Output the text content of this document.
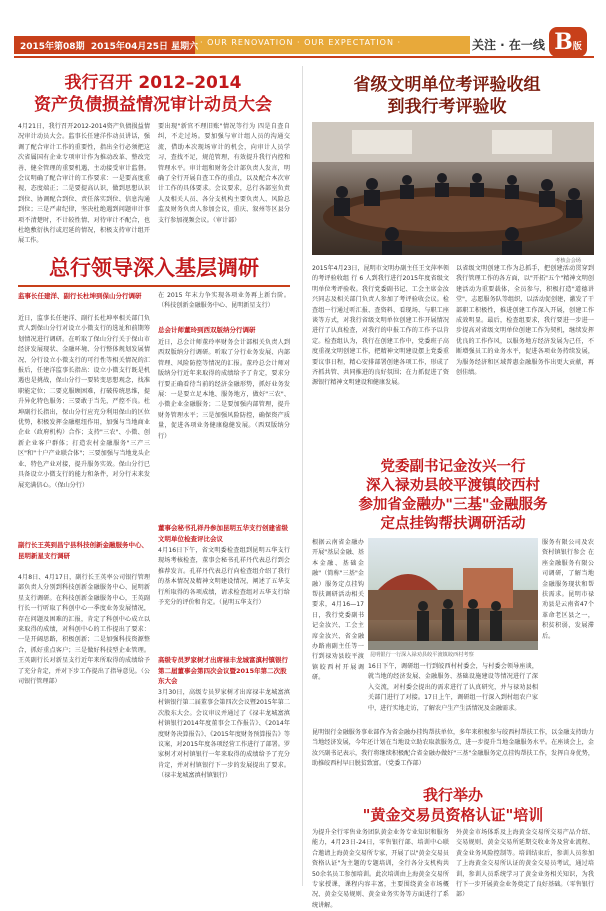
2015年第08期 2015年04月25日 星期六 · OUR RENOVATION · OUR EXPECTATION ·	关注 · 在一线 B版
我行召开 2012–2014
资产负债损益情况审计动员大会
4月21日，我行召开2012-2014资产负债损益情况审计动员大会。监事长任建洋作动员讲话，强调了配合审计工作的重要性，指出全行必须把这次省属国有企业专项审计作为推动改革、整改完善、健全管理的重要机遇，主动接受审计监督。会议明确了配合审计的工作要求：一是要高度重视，态度端正；二是要提高认识，做到思想认识到位、协调配合到位、责任落实到位、信息沟通到位；三是严肃纪律，坚决杜绝遇到问题审计事项不清楚时，不计较性情、对待审计不配合，也杜绝敷衍执行或迟延的情况，积极支持审计组开展工作。
要出现"新官不理旧账"情况等行为 四是自查自纠，不走过场。要加强与审计组人员的沟通交流，借助本次现场审计的机会，向审计人员学习，查找不足，规范管理，有效提升我行内控和管理水平。审计组和财务会计部负责人发言，明确了全行开展自查工作的重点，以及配合本次审计工作的具体要求。会议要求，总行各部室负责人及相关人员、各分支机构主要负责人、风险总监及财务负责人参加会议，重庆、叙州等区县分支行参加视频会议。（审计部）
总行领导深入基层调研
监事长任建洋、副行长杜坤到保山分行调研
近日，监事长任建洋、副行长杜坤率相关部门负责人到保山分行对设立小微支行的选址和前期筹划情况进行调研。在听取了保山分行关于保山市经济发展现状、金融环境、分行整体规划发展情况、分行设立小微支行的可行性等相关情况的汇报后，任建洋监事长指出：设立小微支行既是机遇也是挑战，保山分行一要转变思想观念，找准职能定位；二要克服顾困难，打破传统思维，提升异化特色服务；三要敢于当先，严控不良。杜坤副行长指出，保山分行应充分利用保山的区位优势，积极发挥金融枢纽作用，加强与当地商业企业（政府机构）合作；支持"三农"、小微、创新企业客户群体；打造农村金融服务"三产三区"和"十户产业联合体"；三要加强与当地龙头企业、特色产业对接，提升服务实效。保山分行已具备设立小微支行的能力和条件，对分行未来发展充满信心。（保山分行）
副行长王英到昌宁县科技创新金融服务中心、昆明新星支行调研
4月8日、4月17日，副行长王英率公司银行管理部负责人分别到科技创新金融服务中心、昆明新星支行调研。在科技创新金融服务中心，王英副行长一行听取了科创中心一季度业务发展情况，存在问题及困难的汇报，肯定了科创中心成立以来取得的成绩，对科创中心的工作提出了要求：一是开阔思路，积极创新；二是加强科技资源整合，抓好重点客户；三是做好科技型企业管理。王英副行长对新星支行近年来所取得的成绩给予了充分肯定，并对下步工作提出了指导意见。（公司银行管理部）
在 2015 年末力争实现各项业务再上新台阶。（科技创新金融服务中心、昆明新星支行）
总会计师董玲到西双版纳分行调研
近日，总会计师董玲率财务会计部相关负责人到西双版纳分行调研。听取了分行业务发展、内部管理、风险防控等情况的汇报。董玲总会计师对版纳分行近年来取得的成绩给予了肯定，要求分行要正确看待当前的经济金融形势，抓好业务发展：一是要立足本地、服务地方，做好"三农"、小微企业金融服务；二是要加强内部管理，提升财务管理水平；三是加强风险防控，确保资产质量，促进各项业务健康稳健发展。（西双版纳分行）
董事会秘书孔祥丹参加昆明五华支行创建省级文明单位检查评比会议
4月16日下午，省文明委检查组到昆明五华支行现场考核检查，董事会秘书孔祥丹代表总行到会推荐发言。孔祥丹代表总行向检查组介绍了我行的基本情况及精神文明建设情况，阐述了五华支行所取得的各项成绩，请求检查组对五华支行给予充分的评价和肯定。（昆明五华支行）
高级专员罗家树才出席禄丰龙城富滇村镇银行第二届董事会第四次会议暨2015年第二次股东大会
3月30日，高级专员罗家树才出席禄丰龙城富滇村镇银行第二届董事会第四次会议暨2015年第二次股东大会。会议审议并通过了《禄丰龙城富滇村镇银行2014年度董事会工作报告》、《2014年度财务决算报告》、《2015年度财务预算报告》等议案，对2015年度各项经营工作进行了部署。罗家树才对村镇银行一年来取得的成绩给予了充分肯定，并对村镇银行下一步的发展提出了要求。（禄丰龙城富滇村镇银行）
省级文明单位考评验收组
到我行考评验收
考核会会场
2015年4月23日，昆明市文明办副主任王文萍率领的考评验收组 行 6 人到我行进行2015年度省级文明单位考评验收。我行党委副书记、工会主席金汝兴同志及相关部门负责人参加了考评验收会议。检查组一行通过听汇报、查资料、看现场、与职工座谈等方式，对我行省级文明单位创建工作开展情况进行了认真检查，对我行的申报工作的工作予以肯定。检查组认为，我行在创建工作中，党委班子高度重视文明创建工作，把精神文明建设摆上党委重要议事日程，精心安排部署创建各项工作，形成了齐抓共管、共同推进的良好氛围；在力抓促进了资源银行精神文明建设和健康发展。
以省级文明创建工作为总抓手，把创建活动贯穿到我行管理工作的各方面，以"开拓"五个"精神文明创建活动为重要载体，全员参与，积极打造"道德讲堂"，志愿服务队等组织，以活动促创建，激发了干部职工积极性，推进创建工作深入开展，创建工作成效明显。最后，检查组要求，我行要进一步进一步提高对省级文明单位创建工作为契机，继续发挥优良的工作作风，以服务地方经济发展为己任，不断增强员工的业务水平，促进各项业务持续发展，为服务经济和区域普惠金融服务作出更大贡献，再创佳绩。
党委副书记金汝兴一行
深入禄劝县皎平渡镇皎西村
参加省金融办"三基"金融服务
定点挂钩帮扶调研活动
根据云南省金融办开展"基层金融、基本金融、基础金融"（简称"三基"金融）服务定点挂钩帮扶调研活动相关要求，4月16—17日，我行党委副书记金汝兴、工会主席金汝兴、省金融办路南副主任等一行到禄劝县皎平渡镇皎西村开展调研。
昆明银行一行深入禄劝县皎平渡镇皎西村考察
服务有限公司及农资村镇银行参会 在座金融服务有限公司调研，了解当地金融服务现状和帮扶需求。昆明市禄劝县是云南省47个革命老区县之一，积贫积弱，发展滞后。
16日下午，调研组一行到皎西村村委会，与村委会领导座谈，就当地的经济发展、金融服务、基础设施建设等情况进行了深入交流，对村委会提出的需求进行了认真研究，并与禄劝县相关部门进行了对接。17日上午，调研组一行深入到村组农户家中，进行实地走访，了解农户生产生活情况及金融需求。
昆明银行金融服务事业部作为省金融办挂钩帮扶单位，多年来积极参与皎西村帮扶工作，以金融支持助力当地经济发展，今年还计划在当地设立助农取款服务点，进一步提升当地金融服务水平。在座谈会上，金汝兴副书记表示，我行将继续积极配合省金融办做好"三基"金融服务定点挂钩帮扶工作，发挥自身优势，助推皎西村早日脱贫致富。（党委工作部）
我行举办
"黄金交易员资格认证"培训
为提升全行零售业务团队黄金业务专业知识和服务能力，4月23日-24日，零售银行部、培训中心联合邀请上海黄金交易所专家，开展了以"黄金交易员资格认证"为主题的专题培训，全行各分支机构共50余名员工参加培训。此次培训由上海黄金交易所专家授课，课程内容丰富，主要围绕黄金市场概况、黄金交易规则、黄金业务实务等方面进行了系统讲解。
外黄金市场体系及上海黄金交易所交易产品介绍、交易规则、黄金交易所延期交收业务及营业流程、黄金业务风险控制等。培训结束后，参训人员参加了上海黄金交易所认证的黄金交易员考试，通过培训，参训人员系统学习了黄金业务相关知识，为我行下一步开展黄金业务奠定了良好基础。（零售银行部）
